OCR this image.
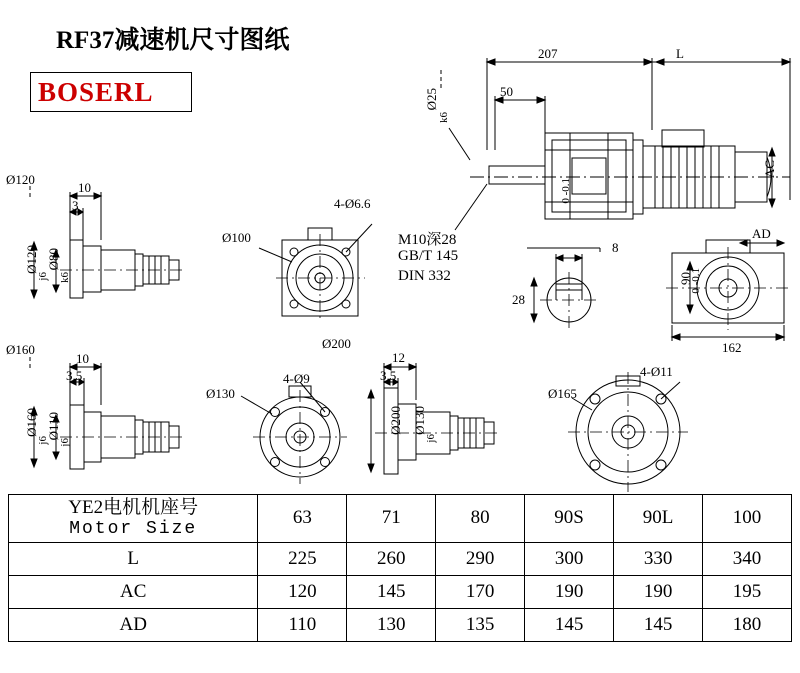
RF37减速机尺寸图纸
BOSERL
207	L
50
Ø25
k6
AC
M10深28
GB/T 145
DIN 332
8
28
AD
90
0 -0.1
162
0 -0.1
Ø120
10
3
Ø120
j6
Ø80
k6
4-Ø6.6
Ø100
Ø160
10
3.5
Ø160
j6
Ø110
j6
4-Ø9
Ø130
Ø200
12
3.5
Ø200 Ø130
j6
4-Ø11
Ø165
YE2电机机座号
Motor Size	63	71	80	90S	90L	100
L	225	260	290	300	330	340
AC	120	145	170	190	190	195
AD	110	130	135	145	145	180
